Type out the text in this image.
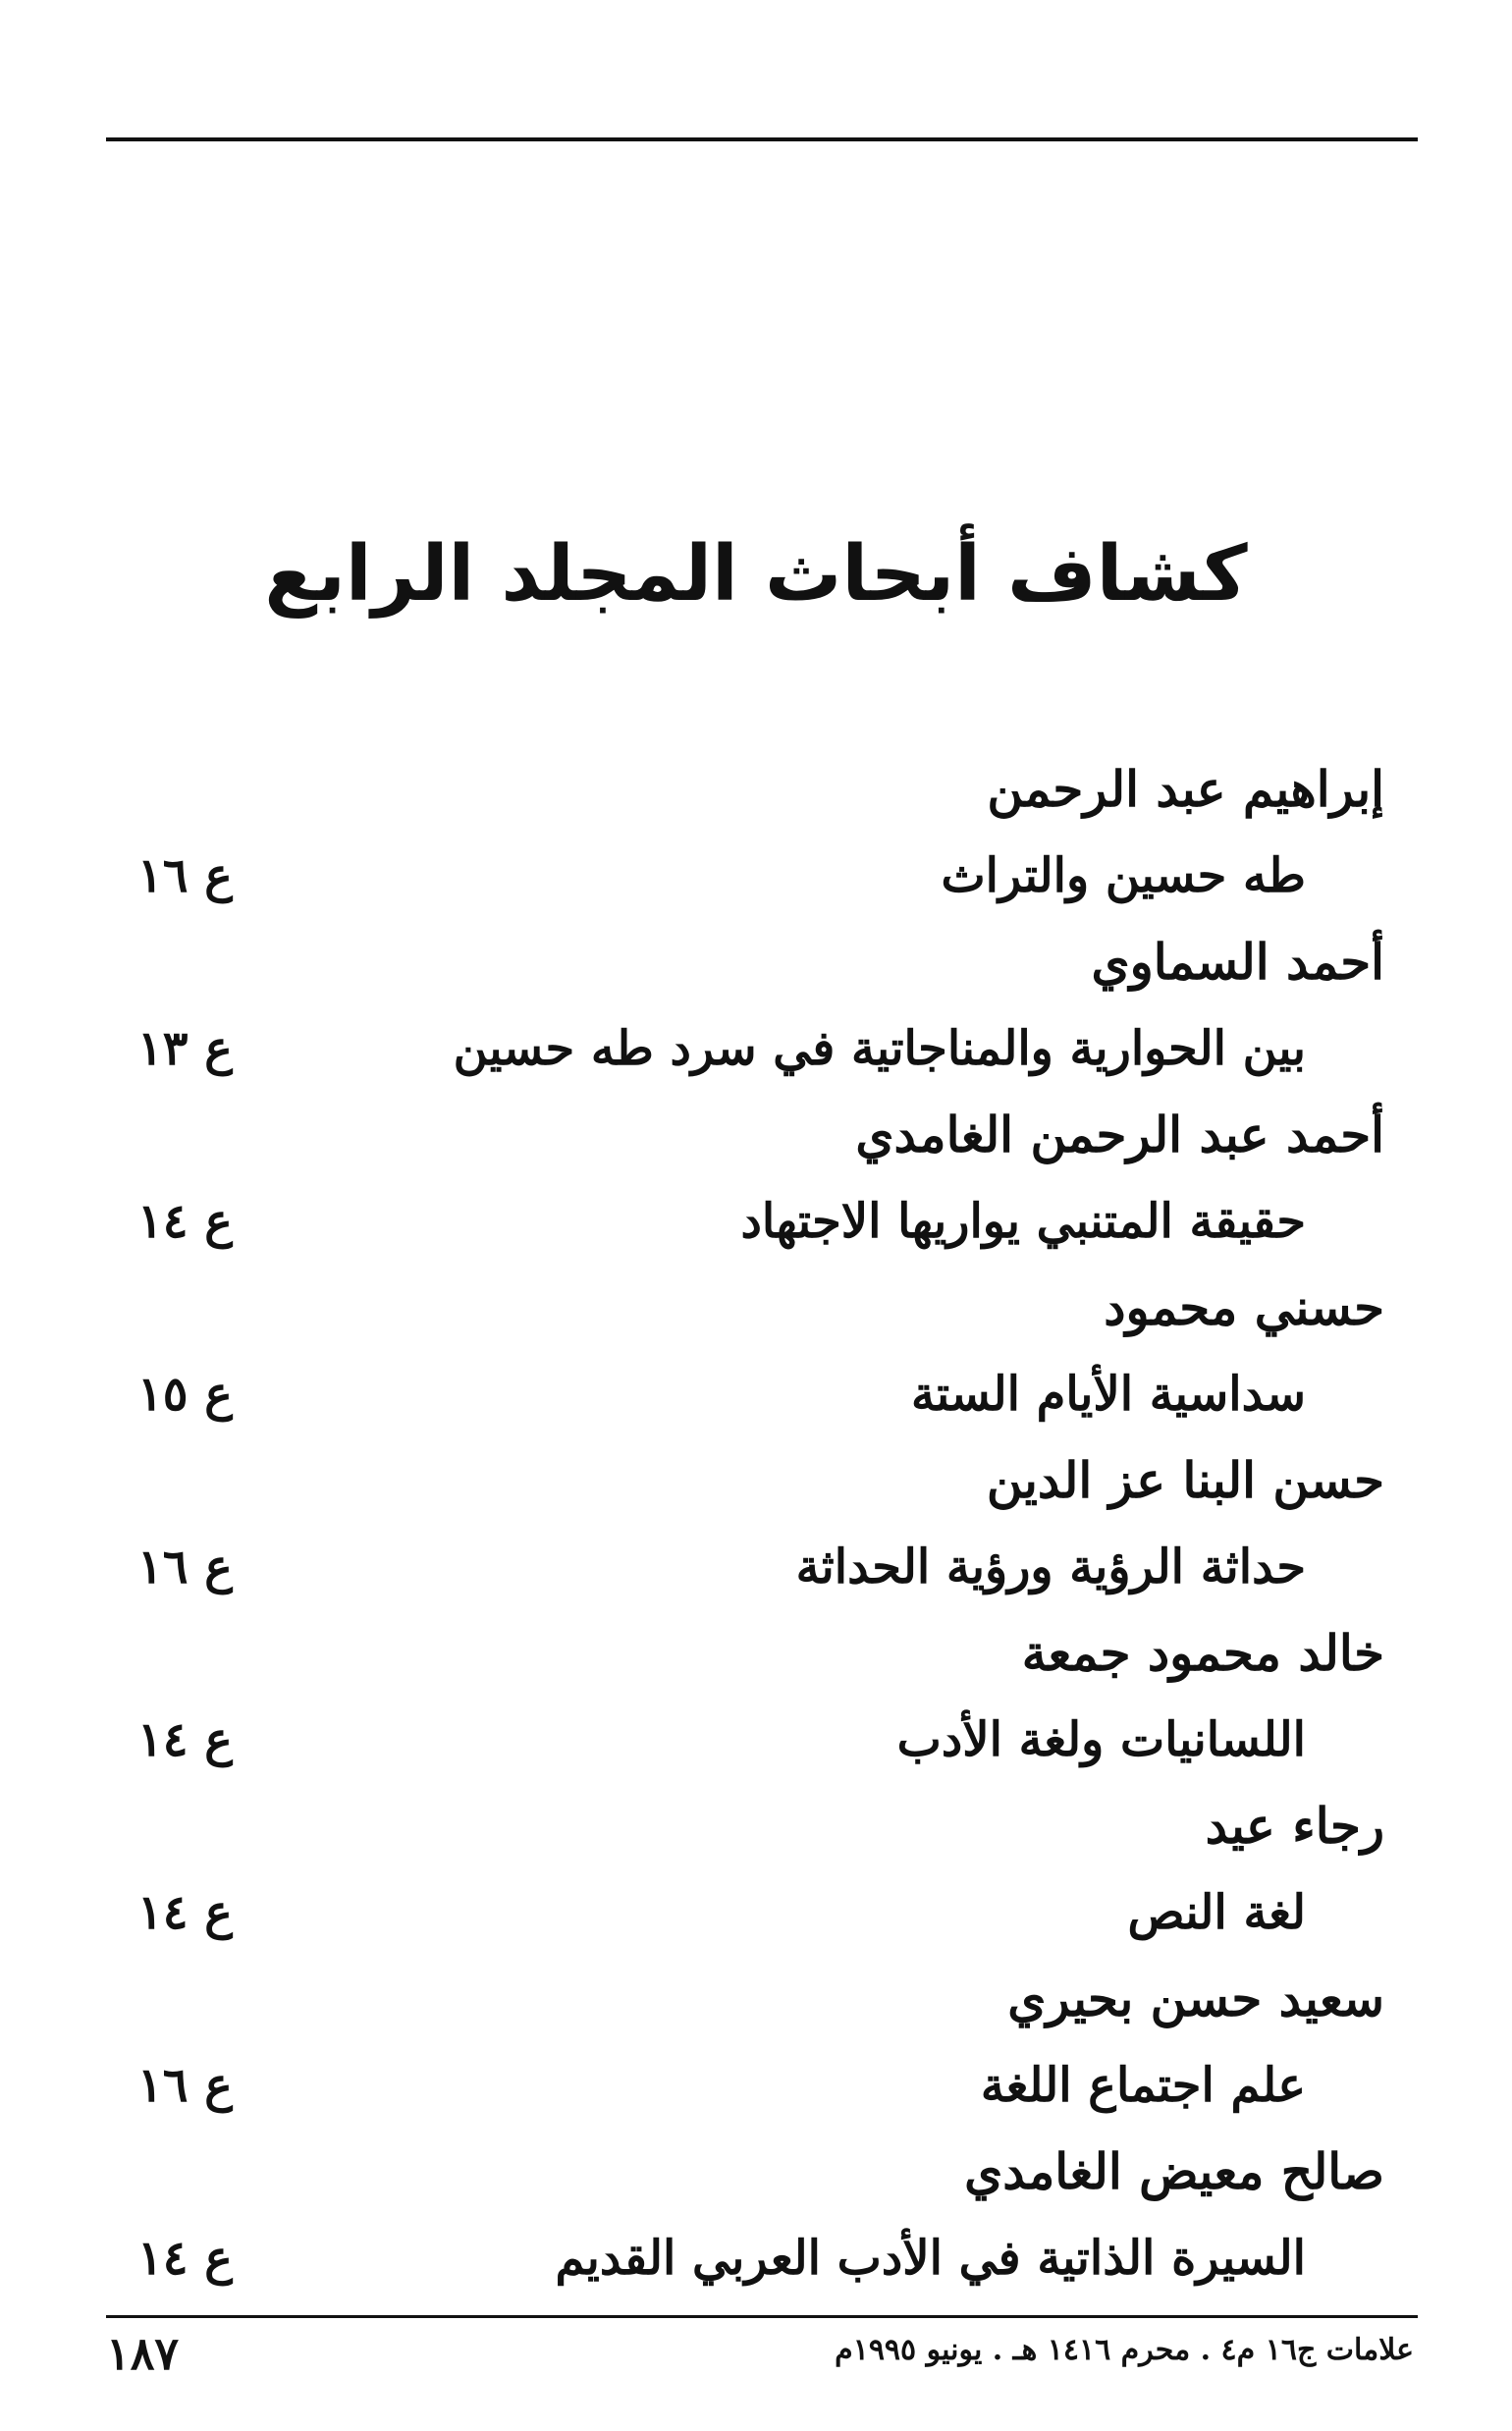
كشاف أبحاث المجلد الرابع
إبراهيم عبد الرحمن
طه حسين والتراث
ع ١٦
أحمد السماوي
بين الحوارية والمناجاتية في سرد طه حسين
ع ١٣
أحمد عبد الرحمن الغامدي
حقيقة المتنبي يواريها الاجتهاد
ع ١٤
حسني محمود
سداسية الأيام الستة
ع ١٥
حسن البنا عز الدين
حداثة الرؤية ورؤية الحداثة
ع ١٦
خالد محمود جمعة
اللسانيات ولغة الأدب
ع ١٤
رجاء عيد
لغة النص
ع ١٤
سعيد حسن بحيري
علم اجتماع اللغة
ع ١٦
صالح معيض الغامدي
السيرة الذاتية في الأدب العربي القديم
ع ١٤
علامات ج١٦ م٤ . محرم ١٤١٦ هـ . يونيو ١٩٩٥م
١٨٧
